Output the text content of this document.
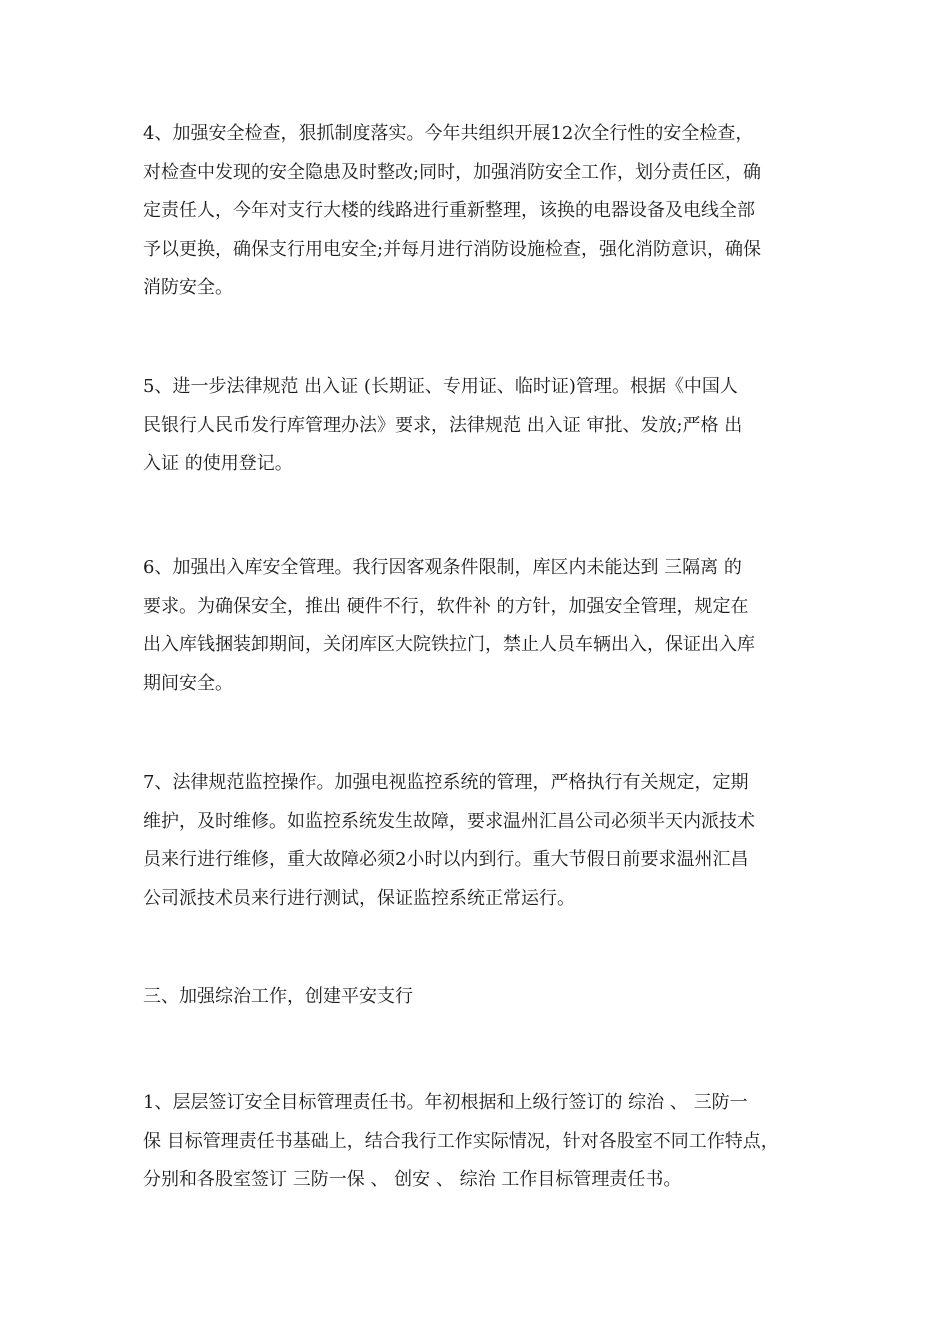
4、加强安全检查，狠抓制度落实。今年共组织开展12次全行性的安全检查，
对检查中发现的安全隐患及时整改;同时，加强消防安全工作，划分责任区，确
定责任人，今年对支行大楼的线路进行重新整理，该换的电器设备及电线全部
予以更换，确保支行用电安全;并每月进行消防设施检查，强化消防意识，确保
消防安全。

5、进一步法律规范 出入证 (长期证、专用证、临时证)管理。根据《中国人
民银行人民币发行库管理办法》要求，法律规范 出入证 审批、发放;严格 出
入证 的使用登记。

6、加强出入库安全管理。我行因客观条件限制，库区内未能达到 三隔离 的
要求。为确保安全，推出 硬件不行，软件补 的方针，加强安全管理，规定在
出入库钱捆装卸期间，关闭库区大院铁拉门，禁止人员车辆出入，保证出入库
期间安全。

7、法律规范监控操作。加强电视监控系统的管理，严格执行有关规定，定期
维护，及时维修。如监控系统发生故障，要求温州汇昌公司必须半天内派技术
员来行进行维修，重大故障必须2小时以内到行。重大节假日前要求温州汇昌
公司派技术员来行进行测试，保证监控系统正常运行。

三、加强综治工作，创建平安支行

1、层层签订安全目标管理责任书。年初根据和上级行签订的 综治 、 三防一
保 目标管理责任书基础上，结合我行工作实际情况，针对各股室不同工作特点，
分别和各股室签订 三防一保 、 创安 、 综治 工作目标管理责任书。
